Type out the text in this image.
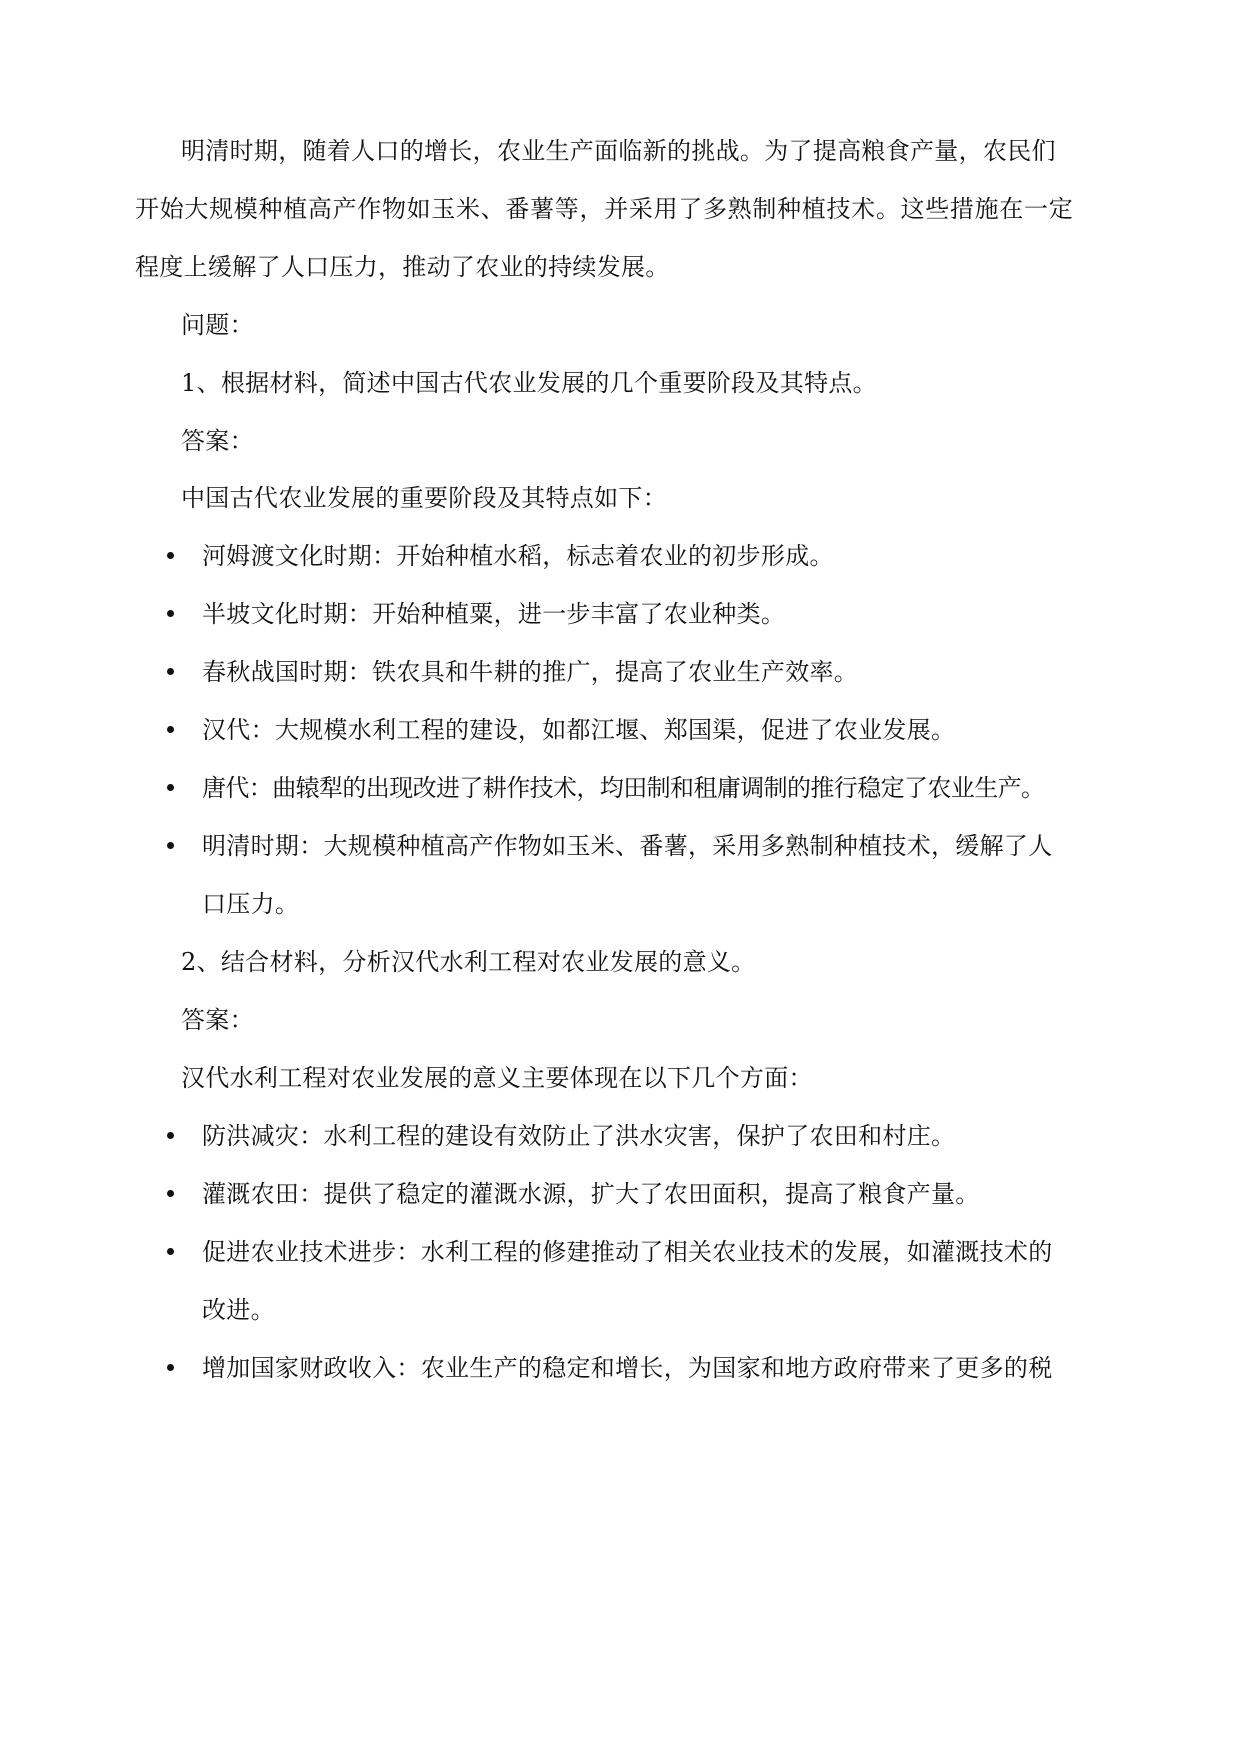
明清时期，随着人口的增长，农业生产面临新的挑战。为了提高粮食产量，农民们
开始大规模种植高产作物如玉米、番薯等，并采用了多熟制种植技术。这些措施在一定
程度上缓解了人口压力，推动了农业的持续发展。
问题：
1、根据材料，简述中国古代农业发展的几个重要阶段及其特点。
答案：
中国古代农业发展的重要阶段及其特点如下：
河姆渡文化时期：开始种植水稻，标志着农业的初步形成。
半坡文化时期：开始种植粟，进一步丰富了农业种类。
春秋战国时期：铁农具和牛耕的推广，提高了农业生产效率。
汉代：大规模水利工程的建设，如都江堰、郑国渠，促进了农业发展。
唐代：曲辕犁的出现改进了耕作技术，均田制和租庸调制的推行稳定了农业生产。
明清时期：大规模种植高产作物如玉米、番薯，采用多熟制种植技术，缓解了人
口压力。
2、结合材料，分析汉代水利工程对农业发展的意义。
答案：
汉代水利工程对农业发展的意义主要体现在以下几个方面：
防洪减灾：水利工程的建设有效防止了洪水灾害，保护了农田和村庄。
灌溉农田：提供了稳定的灌溉水源，扩大了农田面积，提高了粮食产量。
促进农业技术进步：水利工程的修建推动了相关农业技术的发展，如灌溉技术的
改进。
增加国家财政收入：农业生产的稳定和增长，为国家和地方政府带来了更多的税
